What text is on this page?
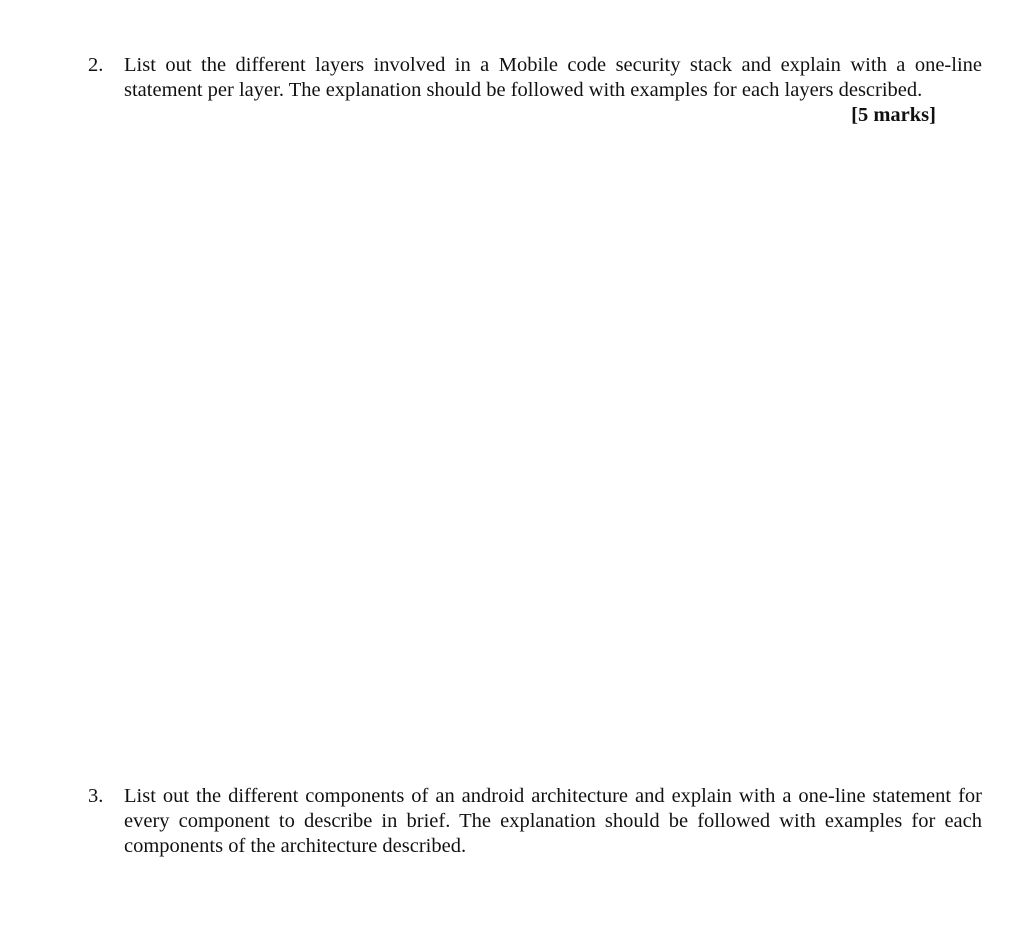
2.	List out the different layers involved in a Mobile code security stack and explain with a one-line statement per layer. The explanation should be followed with examples for each layers described.
[5 marks]
3.	List out the different components of an android architecture and explain with a one-line statement for every component to describe in brief. The explanation should be followed with examples for each components of the architecture described.
